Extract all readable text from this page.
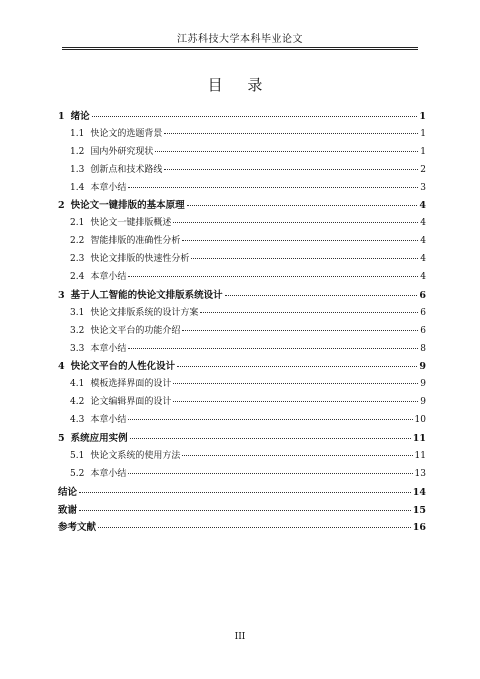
江苏科技大学本科毕业论文
目 录
1 绪论	1
1.1 快论文的选题背景	1
1.2 国内外研究现状	1
1.3 创新点和技术路线	2
1.4 本章小结	3
2 快论文一键排版的基本原理	4
2.1 快论文一键排版概述	4
2.2 智能排版的准确性分析	4
2.3 快论文排版的快速性分析	4
2.4 本章小结	4
3 基于人工智能的快论文排版系统设计	6
3.1 快论文排版系统的设计方案	6
3.2 快论文平台的功能介绍	6
3.3 本章小结	8
4 快论文平台的人性化设计	9
4.1 模板选择界面的设计	9
4.2 论文编辑界面的设计	9
4.3 本章小结	10
5 系统应用实例	11
5.1 快论文系统的使用方法	11
5.2 本章小结	13
结论	14
致谢	15
参考文献	16
III
